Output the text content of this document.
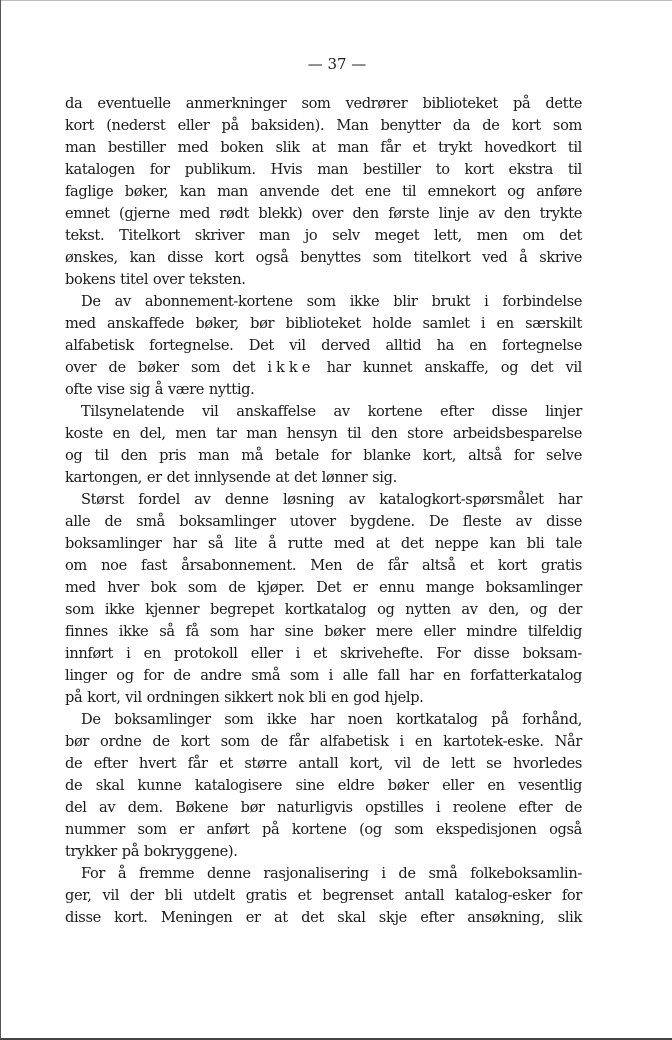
— 37 —
da eventuelle anmerkninger som vedrører biblioteket på dette
kort (nederst eller på baksiden). Man benytter da de kort som
man bestiller med boken slik at man får et trykt hovedkort til
katalogen for publikum. Hvis man bestiller to kort ekstra til
faglige bøker, kan man anvende det ene til emnekort og anføre
emnet (gjerne med rødt blekk) over den første linje av den trykte
tekst. Titelkort skriver man jo selv meget lett, men om det
ønskes, kan disse kort også benyttes som titelkort ved å skrive
bokens titel over teksten.
De av abonnement-kortene som ikke blir brukt i forbindelse
med anskaffede bøker, bør biblioteket holde samlet i en særskilt
alfabetisk fortegnelse. Det vil derved alltid ha en fortegnelse
over de bøker som det ikke har kunnet anskaffe, og det vil
ofte vise sig å være nyttig.
Tilsynelatende vil anskaffelse av kortene efter disse linjer
koste en del, men tar man hensyn til den store arbeidsbesparelse
og til den pris man må betale for blanke kort, altså for selve
kartongen, er det innlysende at det lønner sig.
Størst fordel av denne løsning av katalogkort-spørsmålet har
alle de små boksamlinger utover bygdene. De fleste av disse
boksamlinger har så lite å rutte med at det neppe kan bli tale
om noe fast årsabonnement. Men de får altså et kort gratis
med hver bok som de kjøper. Det er ennu mange boksamlinger
som ikke kjenner begrepet kortkatalog og nytten av den, og der
finnes ikke så få som har sine bøker mere eller mindre tilfeldig
innført i en protokoll eller i et skrivehefte. For disse boksam-
linger og for de andre små som i alle fall har en forfatterkatalog
på kort, vil ordningen sikkert nok bli en god hjelp.
De boksamlinger som ikke har noen kortkatalog på forhånd,
bør ordne de kort som de får alfabetisk i en kartotek-eske. Når
de efter hvert får et større antall kort, vil de lett se hvorledes
de skal kunne katalogisere sine eldre bøker eller en vesentlig
del av dem. Bøkene bør naturligvis opstilles i reolene efter de
nummer som er anført på kortene (og som ekspedisjonen også
trykker på bokryggene).
For å fremme denne rasjonalisering i de små folkeboksamlin-
ger, vil der bli utdelt gratis et begrenset antall katalog-esker for
disse kort. Meningen er at det skal skje efter ansøkning, slik
